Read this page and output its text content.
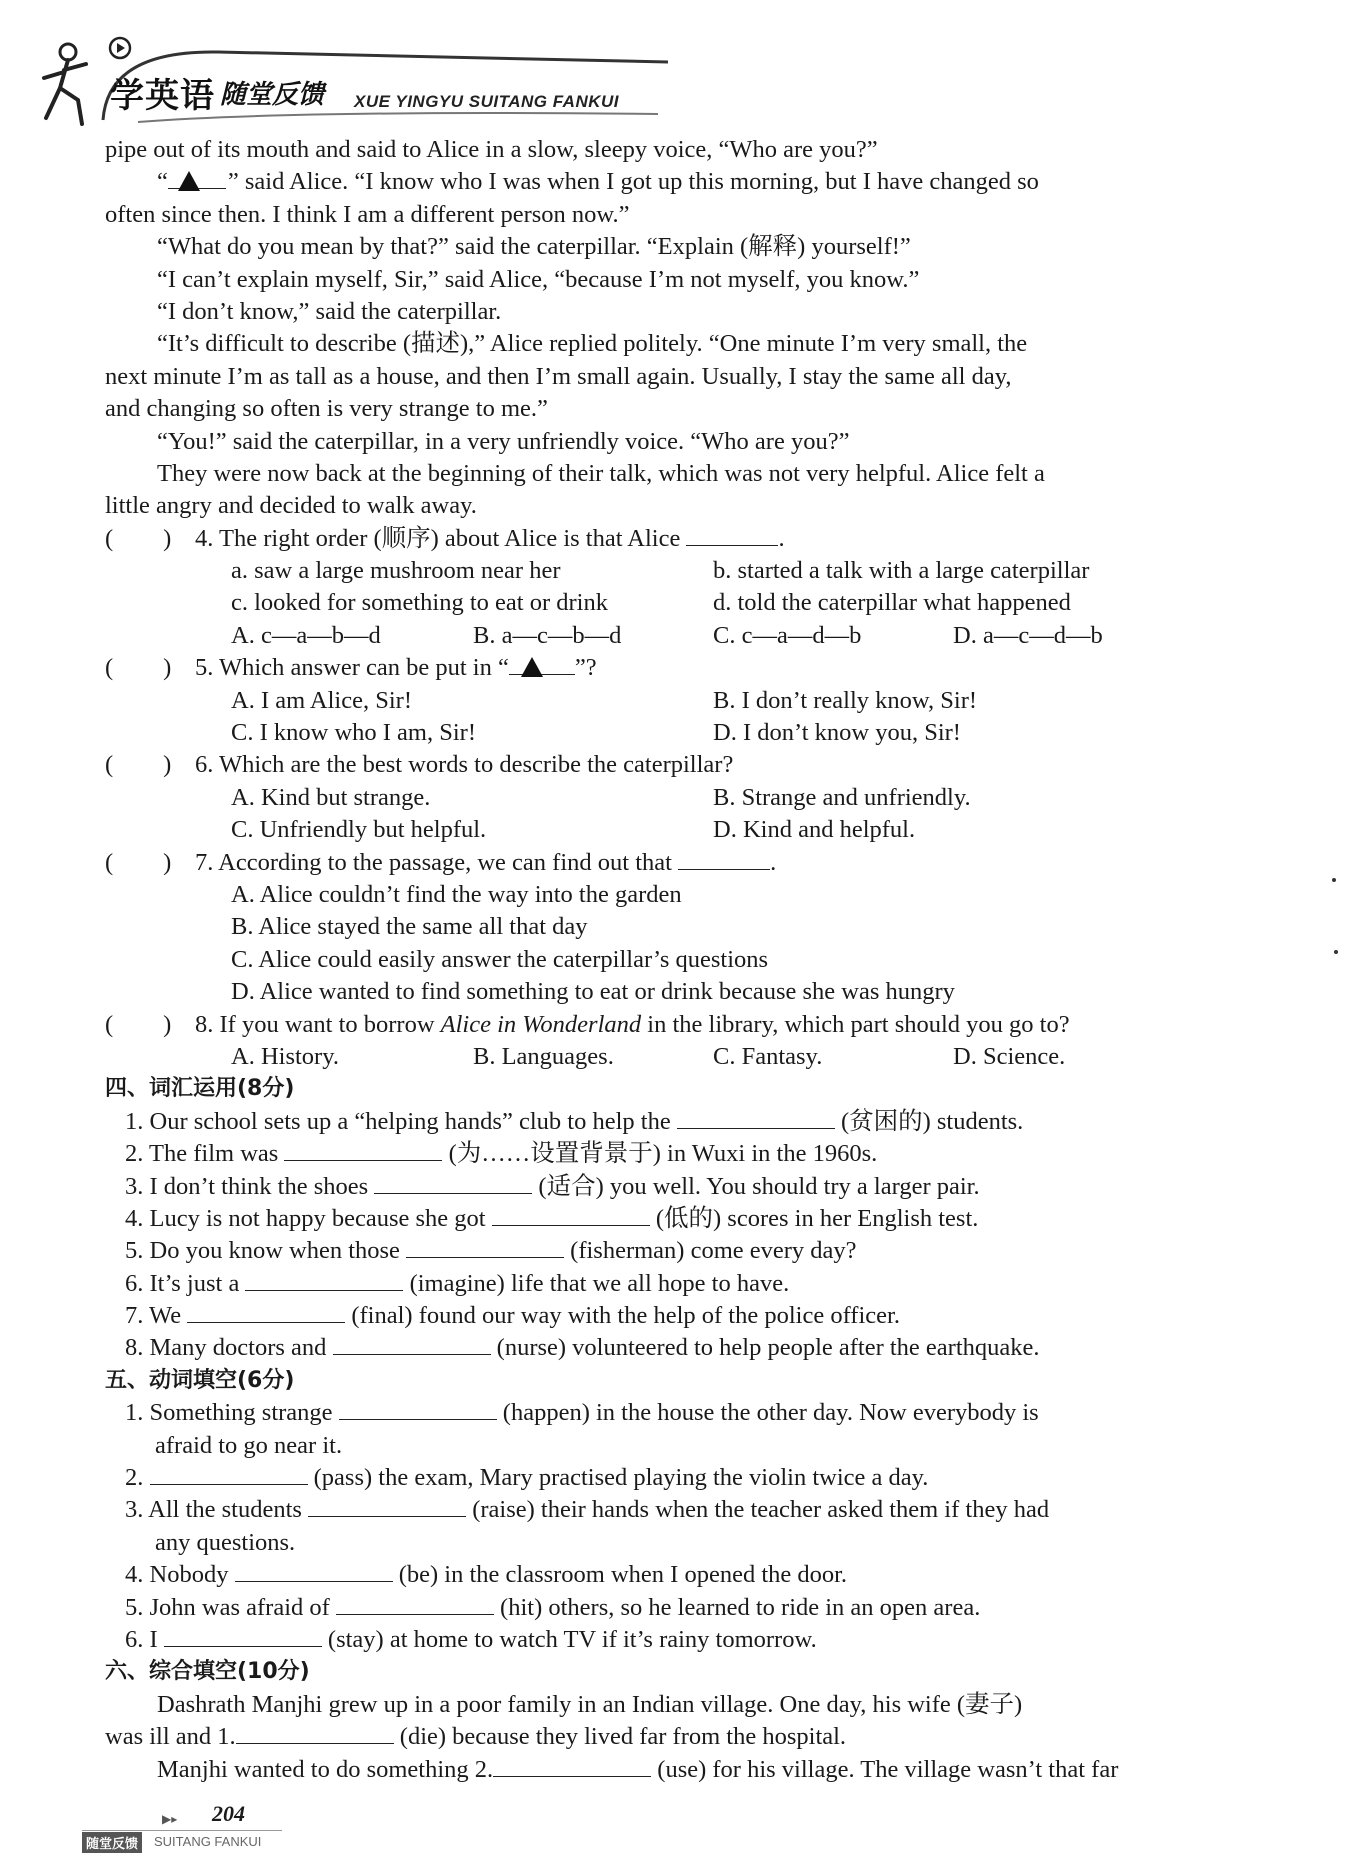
学英语 随堂反馈 XUE YINGYU SUITANG FANKUI
pipe out of its mouth and said to Alice in a slow, sleepy voice, “Who are you?”
“ ” said Alice. “I know who I was when I got up this morning, but I have changed so
often since then. I think I am a different person now.”
“What do you mean by that?” said the caterpillar. “Explain (解释) yourself!”
“I can’t explain myself, Sir,” said Alice, “because I’m not myself, you know.”
“I don’t know,” said the caterpillar.
“It’s difficult to describe (描述),” Alice replied politely. “One minute I’m very small, the
next minute I’m as tall as a house, and then I’m small again. Usually, I stay the same all day,
and changing so often is very strange to me.”
“You!” said the caterpillar, in a very unfriendly voice. “Who are you?”
They were now back at the beginning of their talk, which was not very helpful. Alice felt a
little angry and decided to walk away.
( ) 4. The right order (顺序) about Alice is that Alice	.
a. saw a large mushroom near her	b. started a talk with a large caterpillar
c. looked for something to eat or drink	d. told the caterpillar what happened
A. c—a—b—d	B. a—c—b—d	C. c—a—d—b	D. a—c—d—b
( ) 5. Which answer can be put in “	”?
A. I am Alice, Sir!	B. I don’t really know, Sir!
C. I know who I am, Sir!	D. I don’t know you, Sir!
( ) 6. Which are the best words to describe the caterpillar?
A. Kind but strange.	B. Strange and unfriendly.
C. Unfriendly but helpful.	D. Kind and helpful.
( ) 7. According to the passage, we can find out that	.
A. Alice couldn’t find the way into the garden
B. Alice stayed the same all that day
C. Alice could easily answer the caterpillar’s questions
D. Alice wanted to find something to eat or drink because she was hungry
( ) 8. If you want to borrow Alice in Wonderland in the library, which part should you go to?
A. History.	B. Languages.	C. Fantasy.	D. Science.
四、词汇运用(8分)
1. Our school sets up a “helping hands” club to help the	(贫困的) students.
2. The film was	(为……设置背景于) in Wuxi in the 1960s.
3. I don’t think the shoes	(适合) you well. You should try a larger pair.
4. Lucy is not happy because she got	(低的) scores in her English test.
5. Do you know when those	(fisherman) come every day?
6. It’s just a	(imagine) life that we all hope to have.
7. We	(final) found our way with the help of the police officer.
8. Many doctors and	(nurse) volunteered to help people after the earthquake.
五、动词填空(6分)
1. Something strange	(happen) in the house the other day. Now everybody is
afraid to go near it.
2.	(pass) the exam, Mary practised playing the violin twice a day.
3. All the students	(raise) their hands when the teacher asked them if they had
any questions.
4. Nobody	(be) in the classroom when I opened the door.
5. John was afraid of	(hit) others, so he learned to ride in an open area.
6. I	(stay) at home to watch TV if it’s rainy tomorrow.
六、综合填空(10分)
Dashrath Manjhi grew up in a poor family in an Indian village. One day, his wife (妻子)
was ill and 1.	(die) because they lived far from the hospital.
Manjhi wanted to do something 2.	(use) for his village. The village wasn’t that far
▶▸ 204
随堂反馈	SUITANG FANKUI
